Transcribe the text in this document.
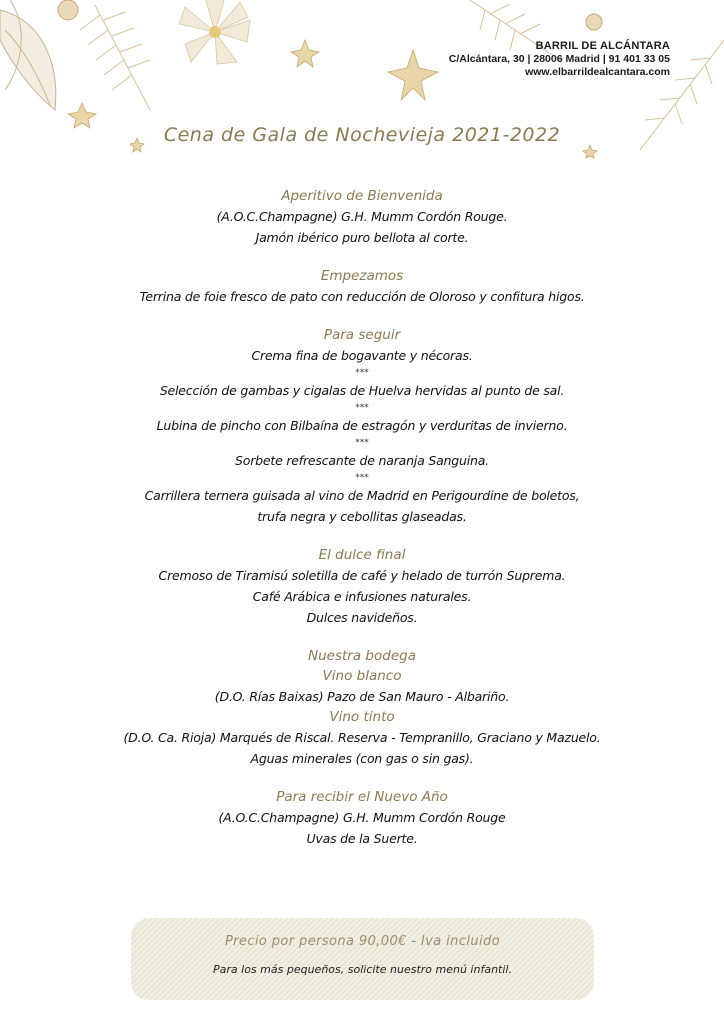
BARRIL DE ALCÁNTARA
C/Alcántara, 30 | 28006 Madrid | 91 401 33 05
www.elbarrildealcantara.com
Cena de Gala de Nochevieja 2021-2022
Aperitivo de Bienvenida
(A.O.C.Champagne) G.H. Mumm Cordón Rouge.
Jamón ibérico puro bellota al corte.
Empezamos
Terrina de foie fresco de pato con reducción de Oloroso y confitura higos.
Para seguir
Crema fina de bogavante y nécoras.
***
Selección de gambas y cigalas de Huelva hervidas al punto de sal.
***
Lubina de pincho con Bilbaína de estragón y verduritas de invierno.
***
Sorbete refrescante de naranja Sanguina.
***
Carrillera ternera guisada al vino de Madrid en Perigourdine de boletos,
trufa negra y cebollitas glaseadas.
El dulce final
Cremoso de Tiramisú soletilla de café y helado de turrón Suprema.
Café Arábica e infusiones naturales.
Dulces navideños.
Nuestra bodega
Vino blanco
(D.O. Rías Baixas) Pazo de San Mauro - Albariño.
Vino tinto
(D.O. Ca. Rioja) Marqués de Riscal. Reserva - Tempranillo, Graciano y Mazuelo.
Aguas minerales (con gas o sin gas).
Para recibir el Nuevo Año
(A.O.C.Champagne) G.H. Mumm Cordón Rouge
Uvas de la Suerte.
Precio por persona 90,00€ - Iva incluido
Para los más pequeños, solicite nuestro menú infantil.
